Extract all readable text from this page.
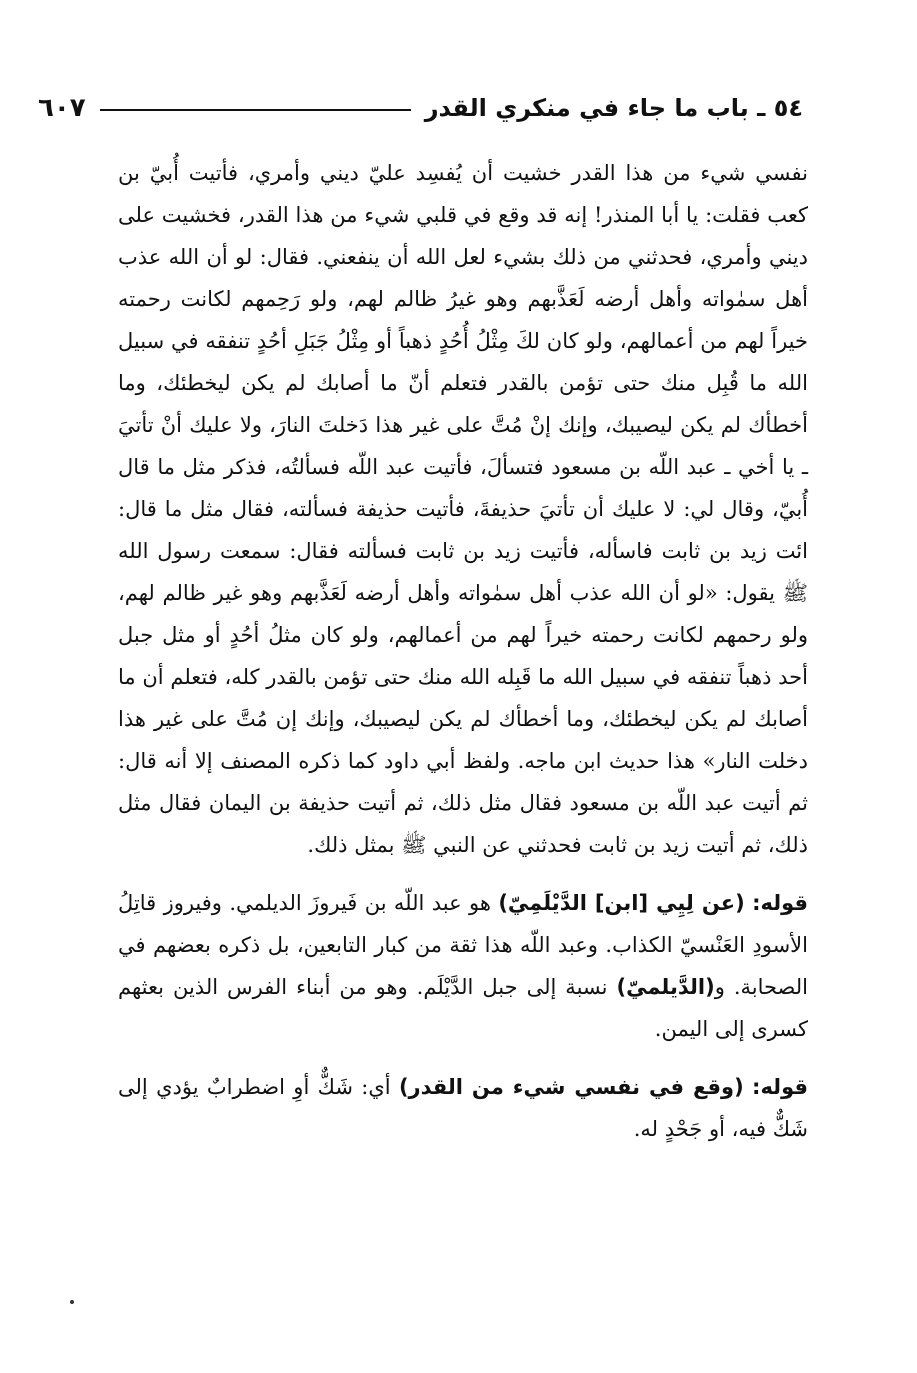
٥٤ ـ باب ما جاء في منكري القدر
٦٠٧

نفسي شيء من هذا القدر خشيت أن يُفسِد عليّ ديني وأمري، فأتيت أُبيّ بن كعب فقلت: يا أبا المنذر! إنه قد وقع في قلبي شيء من هذا القدر، فخشيت على ديني وأمري، فحدثني من ذلك بشيء لعل الله أن ينفعني. فقال: لو أن الله عذب أهل سمٰواته وأهل أرضه لَعَذَّبهم وهو غيرُ ظالم لهم، ولو رَحِمهم لكانت رحمته خيراً لهم من أعمالهم، ولو كان لكَ مِثْلُ أُحُدٍ ذهباً أو مِثْلُ جَبَلِ أحُدٍ تنفقه في سبيل الله ما قُبِل منك حتى تؤمن بالقدر فتعلم أنّ ما أصابك لم يكن ليخطئك، وما أخطأك لم يكن ليصيبك، وإنك إنْ مُتَّ على غير هذا دَخلتَ النارَ، ولا عليك أنْ تأتيَ ـ يا أخي ـ عبد اللّه بن مسعود فتسألَ، فأتيت عبد اللّه فسألتُه، فذكر مثل ما قال أُبيّ، وقال لي: لا عليك أن تأتيَ حذيفةَ، فأتيت حذيفة فسألته، فقال مثل ما قال: ائت زيد بن ثابت فاسأله، فأتيت زيد بن ثابت فسألته فقال: سمعت رسول الله ﷺ يقول: «لو أن الله عذب أهل سمٰواته وأهل أرضه لَعَذَّبهم وهو غير ظالم لهم، ولو رحمهم لكانت رحمته خيراً لهم من أعمالهم، ولو كان مثلُ أحُدٍ أو مثل جبل أحد ذهباً تنفقه في سبيل الله ما قَبِله الله منك حتى تؤمن بالقدر كله، فتعلم أن ما أصابك لم يكن ليخطئك، وما أخطأك لم يكن ليصيبك، وإنك إن مُتَّ على غير هذا دخلت النار» هذا حديث ابن ماجه. ولفظ أبي داود كما ذكره المصنف إلا أنه قال: ثم أتيت عبد اللّه بن مسعود فقال مثل ذلك، ثم أتيت حذيفة بن اليمان فقال مثل ذلك، ثم أتيت زيد بن ثابت فحدثني عن النبي ﷺ بمثل ذلك.

قوله: (عن لِيِي [ابن] الدَّيْلَمِيّ) هو عبد اللّه بن فَيروزَ الديلمي. وفيروز قاتِلُ الأسودِ العَنْسيّ الكذاب. وعبد اللّه هذا ثقة من كبار التابعين، بل ذكره بعضهم في الصحابة. و(الدَّيلميّ) نسبة إلى جبل الدَّيْلَم. وهو من أبناء الفرس الذين بعثهم كسرى إلى اليمن.

قوله: (وقع في نفسي شيء من القدر) أي: شَكٌّ أوِ اضطرابٌ يؤدي إلى شَكٌّ فيه، أو جَحْدٍ له.
